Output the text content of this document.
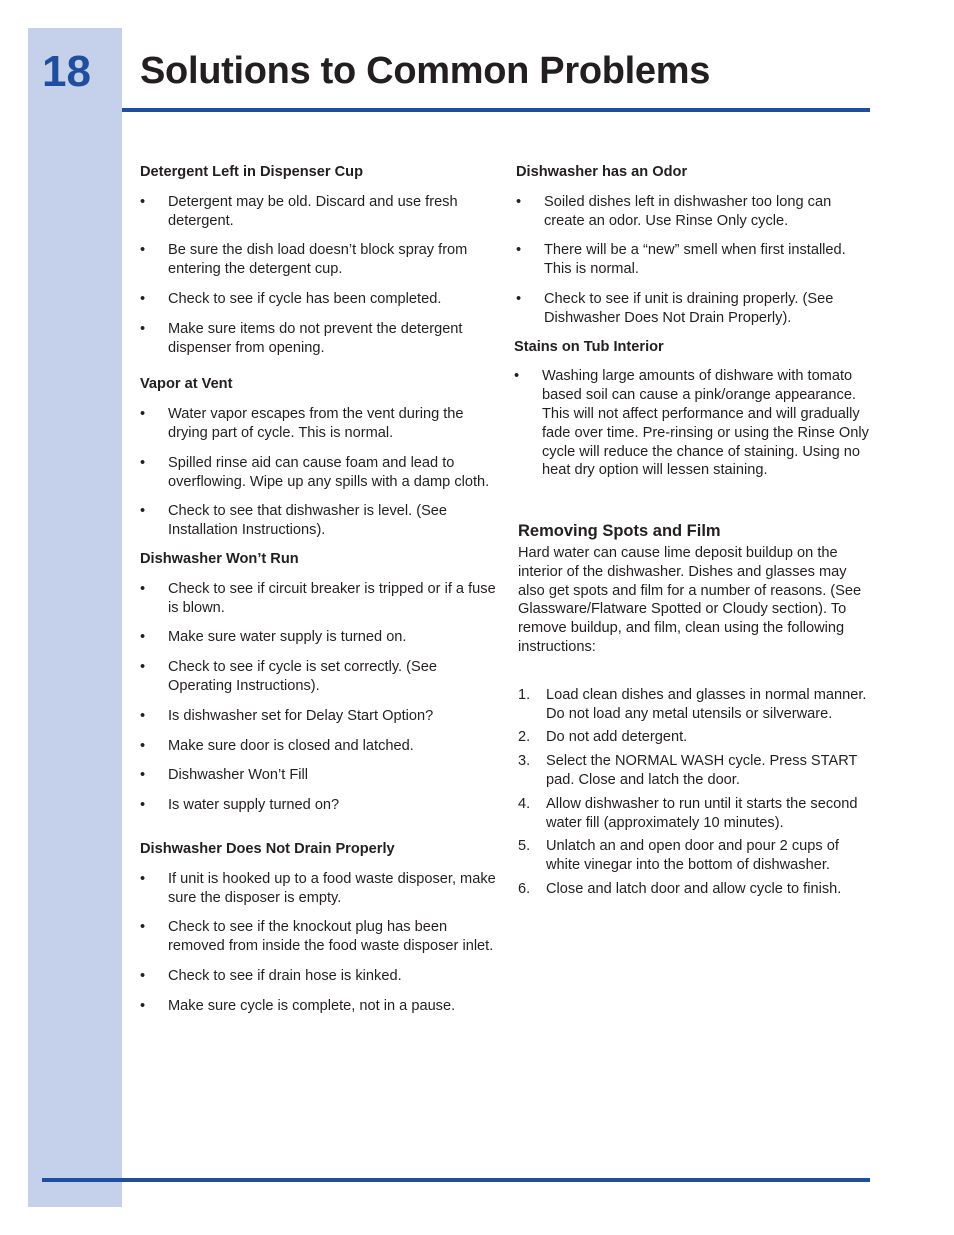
18 Solutions to Common Problems

Detergent Left in Dispenser Cup

• Detergent may be old. Discard and use fresh detergent.
• Be sure the dish load doesn’t block spray from entering the detergent cup.
• Check to see if cycle has been completed.
• Make sure items do not prevent the detergent dispenser from opening.

Vapor at Vent

• Water vapor escapes from the vent during the drying part of cycle. This is normal.
• Spilled rinse aid can cause foam and lead to overflowing. Wipe up any spills with a damp cloth.
• Check to see that dishwasher is level. (See Installation Instructions).

Dishwasher Won’t Run

• Check to see if circuit breaker is tripped or if a fuse is blown.
• Make sure water supply is turned on.
• Check to see if cycle is set correctly. (See Operating Instructions).
• Is dishwasher set for Delay Start Option?
• Make sure door is closed and latched.
• Dishwasher Won’t Fill
• Is water supply turned on?

Dishwasher Does Not Drain Properly

• If unit is hooked up to a food waste disposer, make sure the disposer is empty.
• Check to see if the knockout plug has been removed from inside the food waste disposer inlet.
• Check to see if drain hose is kinked.
• Make sure cycle is complete, not in a pause.

Dishwasher has an Odor

• Soiled dishes left in dishwasher too long can create an odor. Use Rinse Only cycle.
• There will be a “new” smell when first installed. This is normal.
• Check to see if unit is draining properly. (See Dishwasher Does Not Drain Properly).

Stains on Tub Interior

• Washing large amounts of dishware with tomato based soil can cause a pink/orange appearance. This will not affect performance and will gradually fade over time. Pre-rinsing or using the Rinse Only cycle will reduce the chance of staining. Using no heat dry option will lessen staining.

Removing Spots and Film

Hard water can cause lime deposit buildup on the interior of the dishwasher. Dishes and glasses may also get spots and film for a number of reasons. (See Glassware/Flatware Spotted or Cloudy section). To remove buildup, and film, clean using the following instructions:

1. Load clean dishes and glasses in normal manner. Do not load any metal utensils or silverware.
2. Do not add detergent.
3. Select the NORMAL WASH cycle. Press START pad. Close and latch the door.
4. Allow dishwasher to run until it starts the second water fill (approximately 10 minutes).
5. Unlatch an and open door and pour 2 cups of white vinegar into the bottom of dishwasher.
6. Close and latch door and allow cycle to finish.
